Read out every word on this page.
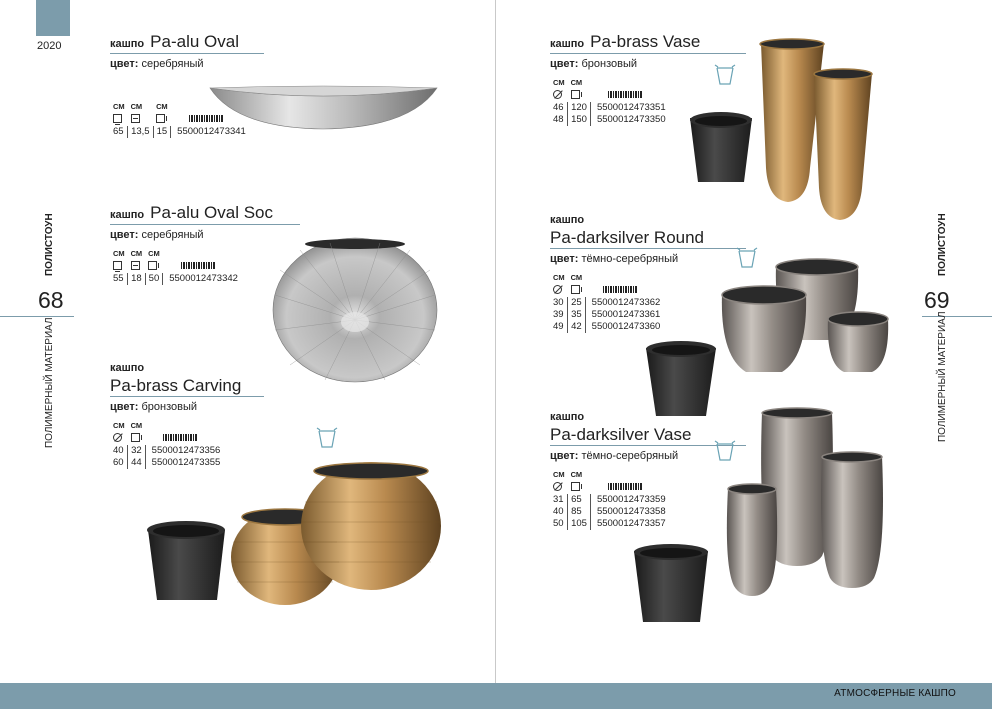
2020
ПОЛИСТОУН
68
ПОЛИМЕРНЫЙ МАТЕРИАЛ
кашпо Pa-alu Oval
цвет: серебряный
СМ	СМ	СМ	

65	13,5	15	5500012473341
кашпо Pa-alu Oval Soc
цвет: серебряный
СМ	СМ	СМ	

55	18	50	5500012473342
кашпо
Pa-brass Carving
цвет: бронзовый
СМ	СМ	

40	32	5500012473356
60	44	5500012473355
ПОЛИСТОУН
69
ПОЛИМЕРНЫЙ МАТЕРИАЛ
кашпо Pa-brass Vase
цвет: бронзовый
СМ	СМ	

46	120	5500012473351
48	150	5500012473350
кашпо
Pa-darksilver Round
цвет: тёмно-серебряный
СМ	СМ	

30	25	5500012473362
39	35	5500012473361
49	42	5500012473360
кашпо
Pa-darksilver Vase
цвет: тёмно-серебряный
СМ	СМ	

31	65	5500012473359
40	85	5500012473358
50	105	5500012473357
АТМОСФЕРНЫЕ КАШПО
